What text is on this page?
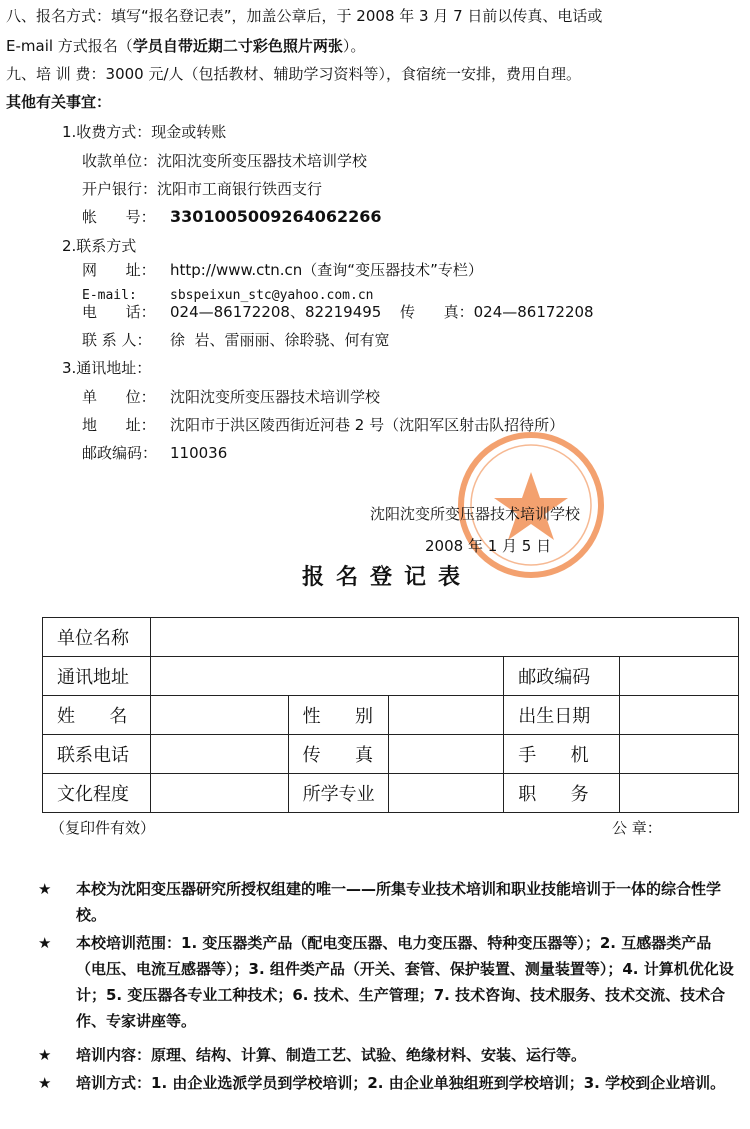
八、报名方式：填写“报名登记表”，加盖公章后，于 2008 年 3 月 7 日前以传真、电话或
E-mail 方式报名（学员自带近期二寸彩色照片两张）。
九、培 训 费：3000 元/人（包括教材、辅助学习资料等），食宿统一安排，费用自理。
其他有关事宜：
1.收费方式：现金或转账
收款单位：沈阳沈变所变压器技术培训学校
开户银行：沈阳市工商银行铁西支行
帐      号： 3301005009264062266
2.联系方式
网      址： http://www.ctn.cn（查询“变压器技术”专栏）
E-mail:	sbspeixun_stc@yahoo.com.cn
电      话： 024—86172208、82219495 传      真：024—86172208
联 系 人： 徐  岩、雷丽丽、徐聆骁、何有宽
3.通讯地址：
单      位： 沈阳沈变所变压器技术培训学校
地      址： 沈阳市于洪区陵西街近河巷 2 号（沈阳军区射击队招待所）
邮政编码： 110036
沈阳沈变所变压器技术培训学校
2008 年 1 月 5 日
报名登记表
单位名称					
通讯地址				邮政编码	
姓      名		性      别		出生日期	
联系电话		传      真		手      机	
文化程度		所学专业		职      务	
（复印件有效）	公 章：
★ 本校为沈阳变压器研究所授权组建的唯一——所集专业技术培训和职业技能培训于一体的综合性学校。
★ 本校培训范围：1. 变压器类产品（配电变压器、电力变压器、特种变压器等）；2. 互感器类产品（电压、电流互感器等）；3. 组件类产品（开关、套管、保护装置、测量装置等）；4. 计算机优化设计；5. 变压器各专业工种技术；6. 技术、生产管理；7. 技术咨询、技术服务、技术交流、技术合作、专家讲座等。
★ 培训内容：原理、结构、计算、制造工艺、试验、绝缘材料、安装、运行等。
★ 培训方式：1. 由企业选派学员到学校培训；2. 由企业单独组班到学校培训；3. 学校到企业培训。
